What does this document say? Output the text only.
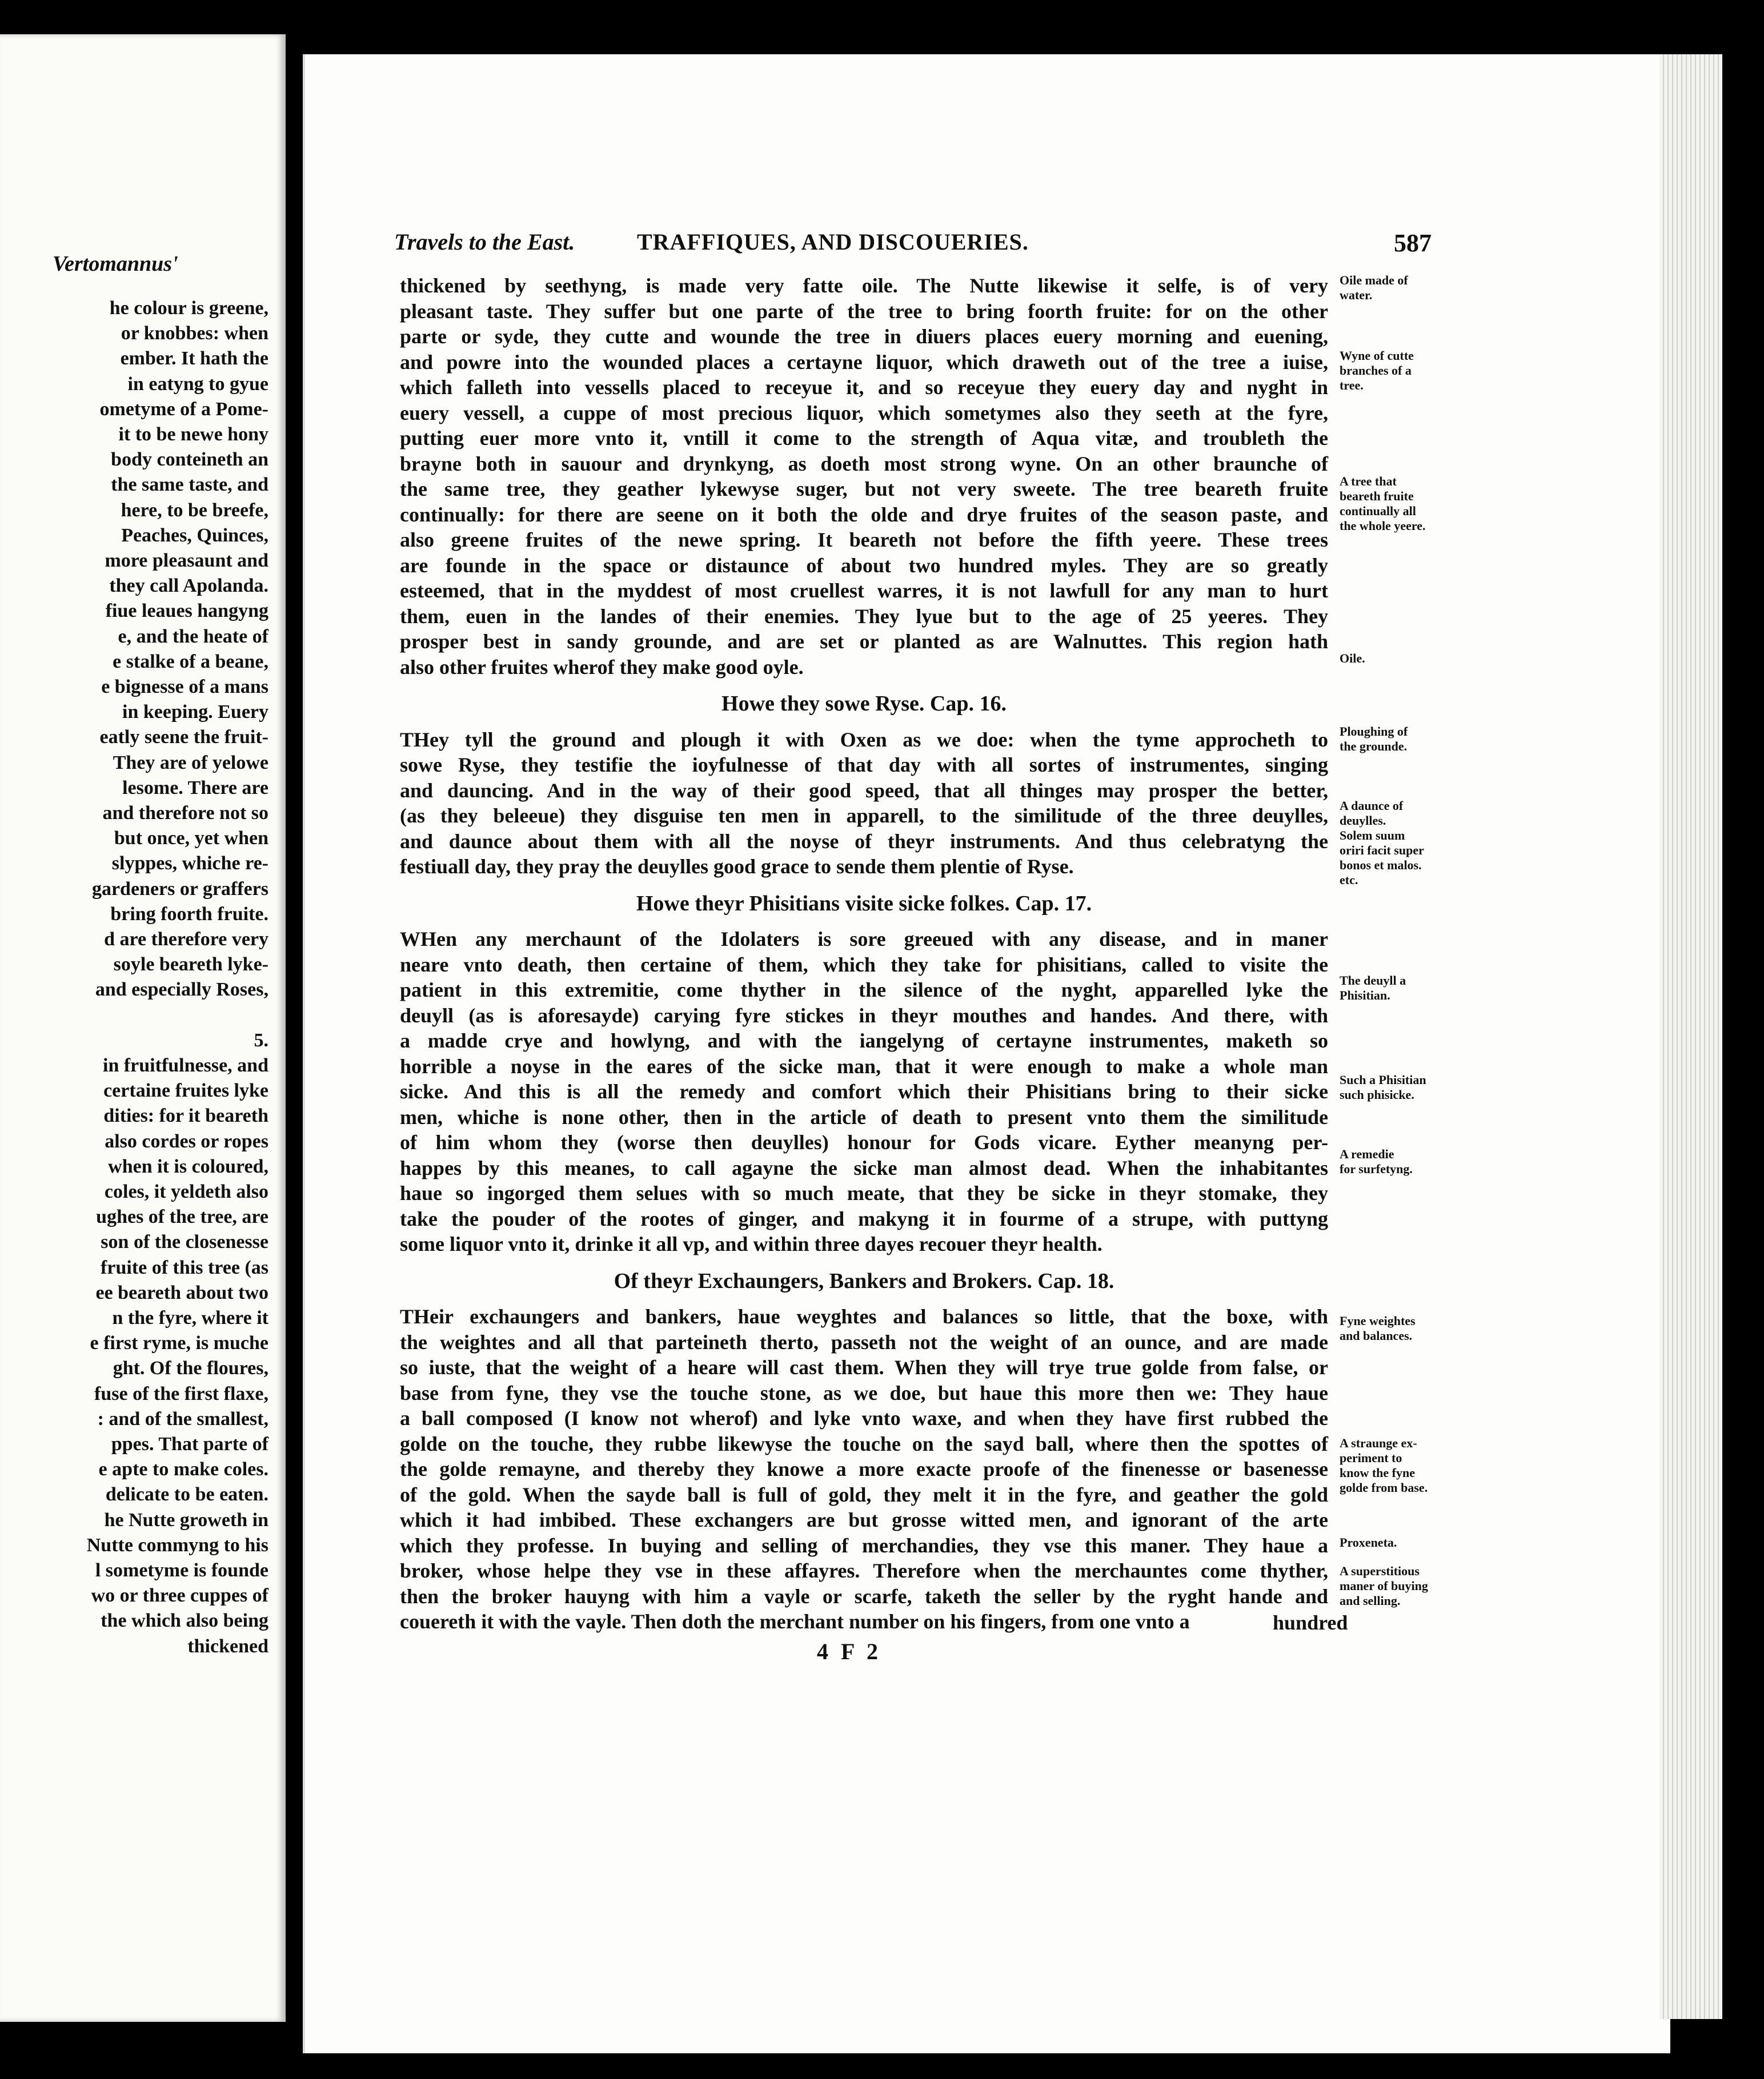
Vertomannus'
he colour is greene,
or knobbes: when
ember. It hath the
in eatyng to gyue
ometyme of a Pome-
it to be newe hony
body conteineth an
the same taste, and
here, to be breefe,
Peaches, Quinces,
more pleasaunt and
they call Apolanda.
fiue leaues hangyng
e, and the heate of
e stalke of a beane,
e bignesse of a mans
in keeping. Euery
eatly seene the fruit-
They are of yelowe
lesome. There are
and therefore not so
but once, yet when
slyppes, whiche re-
gardeners or graffers
bring foorth fruite.
d are therefore very
soyle beareth lyke-
and especially Roses,
5.
in fruitfulnesse, and
certaine fruites lyke
dities: for it beareth
also cordes or ropes
when it is coloured,
coles, it yeldeth also
ughes of the tree, are
son of the closenesse
fruite of this tree (as
ee beareth about two
n the fyre, where it
e first ryme, is muche
ght. Of the floures,
fuse of the first flaxe,
: and of the smallest,
ppes. That parte of
e apte to make coles.
delicate to be eaten.
he Nutte groweth in
Nutte commyng to his
l sometyme is founde
wo or three cuppes of
the which also being
thickened
Travels to the East.	TRAFFIQUES, AND DISCOUERIES.	587
thickened by seethyng, is made very fatte oile. The Nutte likewise it selfe, is of very
pleasant taste. They suffer but one parte of the tree to bring foorth fruite: for on the other
parte or syde, they cutte and wounde the tree in diuers places euery morning and euening,
and powre into the wounded places a certayne liquor, which draweth out of the tree a iuise,
which falleth into vessells placed to receyue it, and so receyue they euery day and nyght in
euery vessell, a cuppe of most precious liquor, which sometymes also they seeth at the fyre,
putting euer more vnto it, vntill it come to the strength of Aqua vitæ, and troubleth the
brayne both in sauour and drynkyng, as doeth most strong wyne. On an other braunche of
the same tree, they geather lykewyse suger, but not very sweete. The tree beareth fruite
continually: for there are seene on it both the olde and drye fruites of the season paste, and
also greene fruites of the newe spring. It beareth not before the fifth yeere. These trees
are founde in the space or distaunce of about two hundred myles. They are so greatly
esteemed, that in the myddest of most cruellest warres, it is not lawfull for any man to hurt
them, euen in the landes of their enemies. They lyue but to the age of 25 yeeres. They
prosper best in sandy grounde, and are set or planted as are Walnuttes. This region hath
also other fruites wherof they make good oyle.
Howe they sowe Ryse. Cap. 16.
THey tyll the ground and plough it with Oxen as we doe: when the tyme approcheth to
sowe Ryse, they testifie the ioyfulnesse of that day with all sortes of instrumentes, singing
and dauncing. And in the way of their good speed, that all thinges may prosper the better,
(as they beleeue) they disguise ten men in apparell, to the similitude of the three deuylles,
and daunce about them with all the noyse of theyr instruments. And thus celebratyng the
festiuall day, they pray the deuylles good grace to sende them plentie of Ryse.
Howe theyr Phisitians visite sicke folkes. Cap. 17.
WHen any merchaunt of the Idolaters is sore greeued with any disease, and in maner
neare vnto death, then certaine of them, which they take for phisitians, called to visite the
patient in this extremitie, come thyther in the silence of the nyght, apparelled lyke the
deuyll (as is aforesayde) carying fyre stickes in theyr mouthes and handes. And there, with
a madde crye and howlyng, and with the iangelyng of certayne instrumentes, maketh so
horrible a noyse in the eares of the sicke man, that it were enough to make a whole man
sicke. And this is all the remedy and comfort which their Phisitians bring to their sicke
men, whiche is none other, then in the article of death to present vnto them the similitude
of him whom they (worse then deuylles) honour for Gods vicare. Eyther meanyng per-
happes by this meanes, to call agayne the sicke man almost dead. When the inhabitantes
haue so ingorged them selues with so much meate, that they be sicke in theyr stomake, they
take the pouder of the rootes of ginger, and makyng it in fourme of a strupe, with puttyng
some liquor vnto it, drinke it all vp, and within three dayes recouer theyr health.
Of theyr Exchaungers, Bankers and Brokers. Cap. 18.
THeir exchaungers and bankers, haue weyghtes and balances so little, that the boxe, with
the weightes and all that parteineth therto, passeth not the weight of an ounce, and are made
so iuste, that the weight of a heare will cast them. When they will trye true golde from false, or
base from fyne, they vse the touche stone, as we doe, but haue this more then we: They haue
a ball composed (I know not wherof) and lyke vnto waxe, and when they have first rubbed the
golde on the touche, they rubbe likewyse the touche on the sayd ball, where then the spottes of
the golde remayne, and thereby they knowe a more exacte proofe of the finenesse or basenesse
of the gold. When the sayde ball is full of gold, they melt it in the fyre, and geather the gold
which it had imbibed. These exchangers are but grosse witted men, and ignorant of the arte
which they professe. In buying and selling of merchandies, they vse this maner. They haue a
broker, whose helpe they vse in these affayres. Therefore when the merchauntes come thyther,
then the broker hauyng with him a vayle or scarfe, taketh the seller by the ryght hande and
couereth it with the vayle. Then doth the merchant number on his fingers, from one vnto a
Oile made of
water.
Wyne of cutte
branches of a
tree.
A tree that
beareth fruite
continually all
the whole yeere.
Oile.
Ploughing of
the grounde.
A daunce of
deuylles.
Solem suum
oriri facit super
bonos et malos.
etc.
The deuyll a
Phisitian.
Such a Phisitian
such phisicke.
A remedie
for surfetyng.
Fyne weightes
and balances.
A straunge ex-
periment to
know the fyne
golde from base.
Proxeneta.
A superstitious
maner of buying
and selling.
hundred
4 F 2
